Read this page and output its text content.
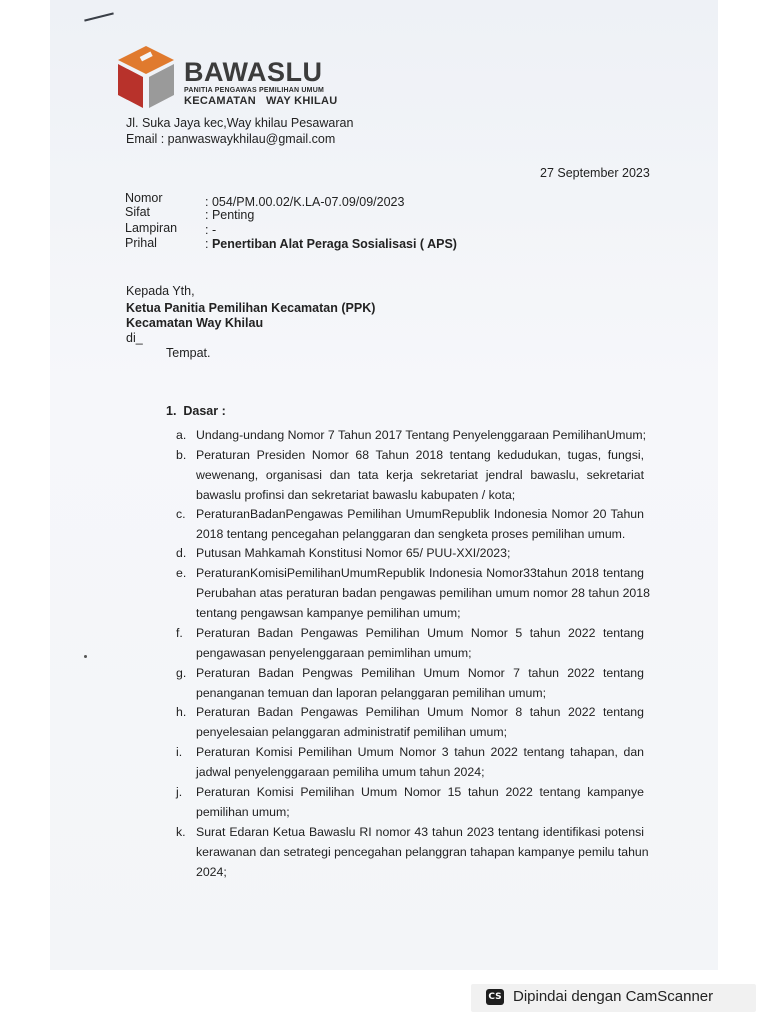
BAWASLU
PANITIA PENGAWAS PEMILIHAN UMUM
KECAMATAN   WAY KHILAU
Jl. Suka Jaya kec,Way khilau Pesawaran
Email : panwaswaykhilau@gmail.com
27 September 2023
Nomor	: 054/PM.00.02/K.LA-07.09/09/2023
Sifat	: Penting
Lampiran : -
Prihal	: Penertiban Alat Peraga Sosialisasi ( APS)
Kepada Yth,
Ketua Panitia Pemilihan Kecamatan (PPK)
Kecamatan Way Khilau
di_
Tempat.
1.  Dasar :
a. Undang-undang Nomor 7 Tahun 2017 Tentang Penyelenggaraan PemilihanUmum;
b. Peraturan Presiden Nomor 68 Tahun 2018 tentang kedudukan, tugas, fungsi,
wewenang, organisasi dan tata kerja sekretariat jendral bawaslu, sekretariat
bawaslu profinsi dan sekretariat bawaslu kabupaten / kota;
c. PeraturanBadanPengawas Pemilihan UmumRepublik Indonesia Nomor 20 Tahun
2018 tentang pencegahan pelanggaran dan sengketa proses pemilihan umum.
d. Putusan Mahkamah Konstitusi Nomor 65/ PUU-XXI/2023;
e. PeraturanKomisiPemilihanUmumRepublik Indonesia Nomor33tahun 2018 tentang
Perubahan atas peraturan badan pengawas pemilihan umum nomor 28 tahun 2018
tentang pengawsan kampanye pemilihan umum;
f. Peraturan Badan Pengawas Pemilihan Umum Nomor 5 tahun 2022 tentang
pengawasan penyelenggaraan pemimlihan umum;
g. Peraturan Badan Pengwas Pemilihan Umum Nomor 7 tahun 2022 tentang
penanganan temuan dan laporan pelanggaran pemilihan umum;
h. Peraturan Badan Pengawas Pemilihan Umum Nomor 8 tahun 2022 tentang
penyelesaian pelanggaran administratif pemilihan umum;
i. Peraturan Komisi Pemilihan Umum Nomor 3 tahun 2022 tentang tahapan, dan
jadwal penyelenggaraan pemiliha umum tahun 2024;
j. Peraturan Komisi Pemilihan Umum Nomor 15 tahun 2022 tentang kampanye
pemilihan umum;
k. Surat Edaran Ketua Bawaslu RI nomor 43 tahun 2023 tentang identifikasi potensi
kerawanan dan setrategi pencegahan pelanggran tahapan kampanye pemilu tahun
2024;
CS Dipindai dengan CamScanner
